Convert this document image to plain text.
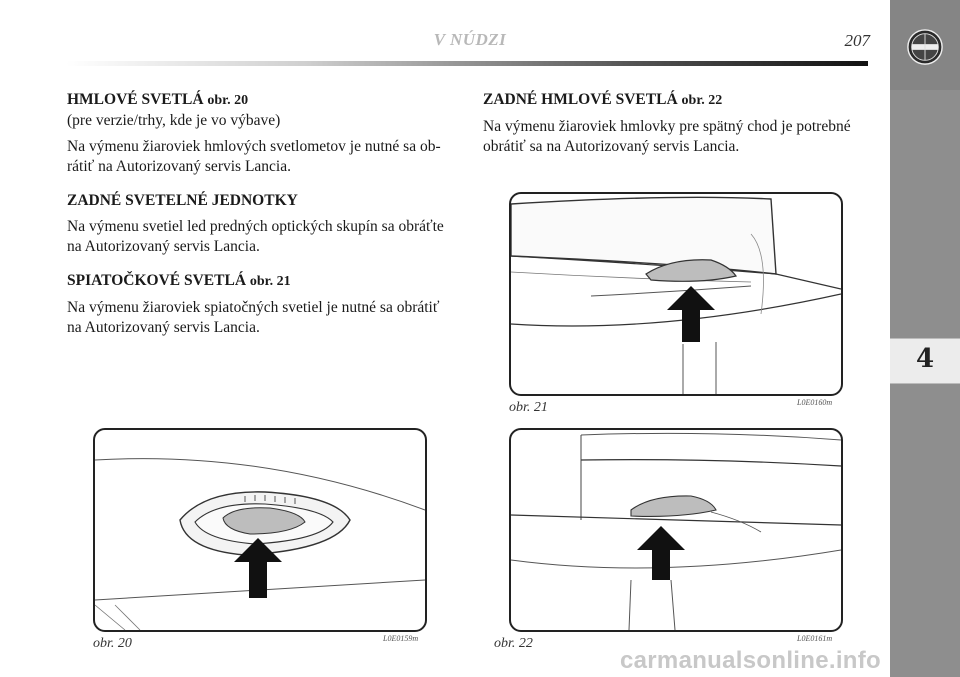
V NÚDZI	207
4

HMLOVÉ SVETLÁ obr. 20

(pre verzie/trhy, kde je vo výbave)

Na výmenu žiaroviek hmlových svetlometov je nutné sa ob-

rátiť na Autorizovaný servis Lancia.

ZADNÉ SVETELNÉ JEDNOTKY

Na výmenu svetiel led predných optických skupín sa obráťte

na Autorizovaný servis Lancia.

SPIATOČKOVÉ SVETLÁ obr. 21

Na výmenu žiaroviek spiatočných svetiel je nutné sa obrátiť

na Autorizovaný servis Lancia.

ZADNÉ HMLOVÉ SVETLÁ obr. 22

Na výmenu žiaroviek hmlovky pre spätný chod je potrebné

obrátiť sa na Autorizovaný servis Lancia.

obr. 21	L0E0160m
obr. 20	L0E0159m	obr. 22	L0E0161m
carmanualsonline.info
